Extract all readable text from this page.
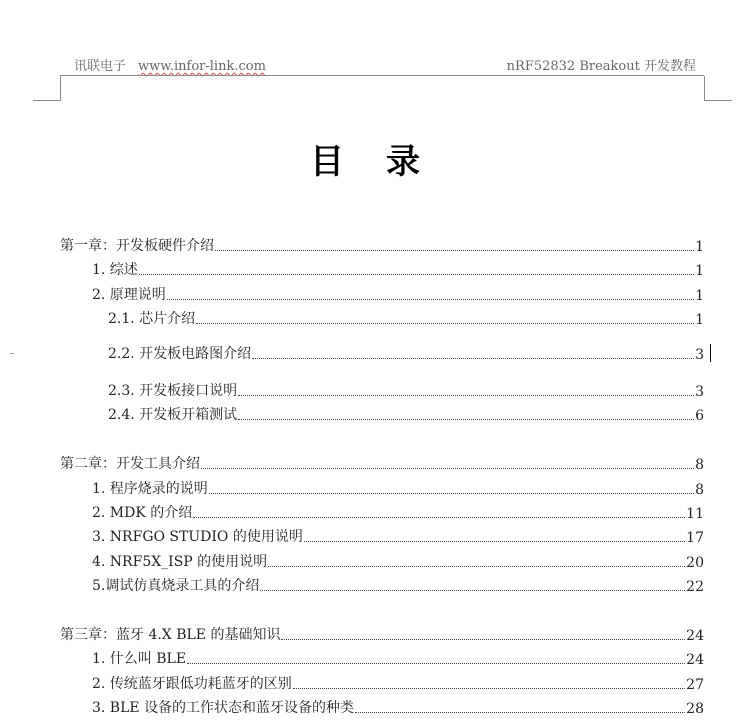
讯联电子 www.infor-link.com	nRF52832 Breakout 开发教程
目录
第一章：开发板硬件介绍	1
1. 综述	1
2. 原理说明	1
2.1. 芯片介绍	1
2.2. 开发板电路图介绍	3
2.3. 开发板接口说明	3
2.4. 开发板开箱测试	6
第二章：开发工具介绍	8
1. 程序烧录的说明	8
2. MDK 的介绍	11
3. NRFGO STUDIO 的使用说明	17
4. NRF5X_ISP 的使用说明	20
5.调试仿真烧录工具的介绍	22
第三章：蓝牙 4.X BLE 的基础知识	24
1. 什么叫 BLE	24
2. 传统蓝牙跟低功耗蓝牙的区别	27
3. BLE 设备的工作状态和蓝牙设备的种类	28
